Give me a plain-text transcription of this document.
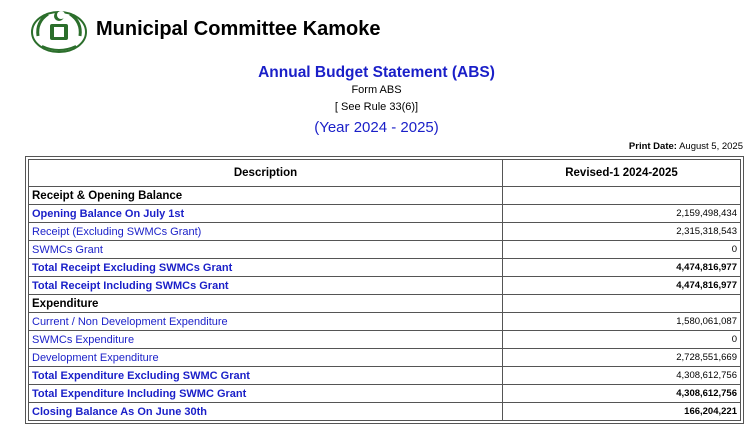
Municipal Committee Kamoke
Annual Budget Statement (ABS)
Form ABS
[ See Rule 33(6)]
(Year 2024 - 2025)
Print Date: August 5, 2025
Description	Revised-1 2024-2025
Receipt & Opening Balance	
Opening Balance On July 1st	2,159,498,434
Receipt (Excluding SWMCs Grant)	2,315,318,543
SWMCs Grant	0
Total Receipt Excluding SWMCs Grant	4,474,816,977
Total Receipt Including SWMCs Grant	4,474,816,977
Expenditure	
Current / Non Development Expenditure	1,580,061,087
SWMCs Expenditure	0
Development Expenditure	2,728,551,669
Total Expenditure Excluding SWMC Grant	4,308,612,756
Total Expenditure Including SWMC Grant	4,308,612,756
Closing Balance As On June 30th	166,204,221
